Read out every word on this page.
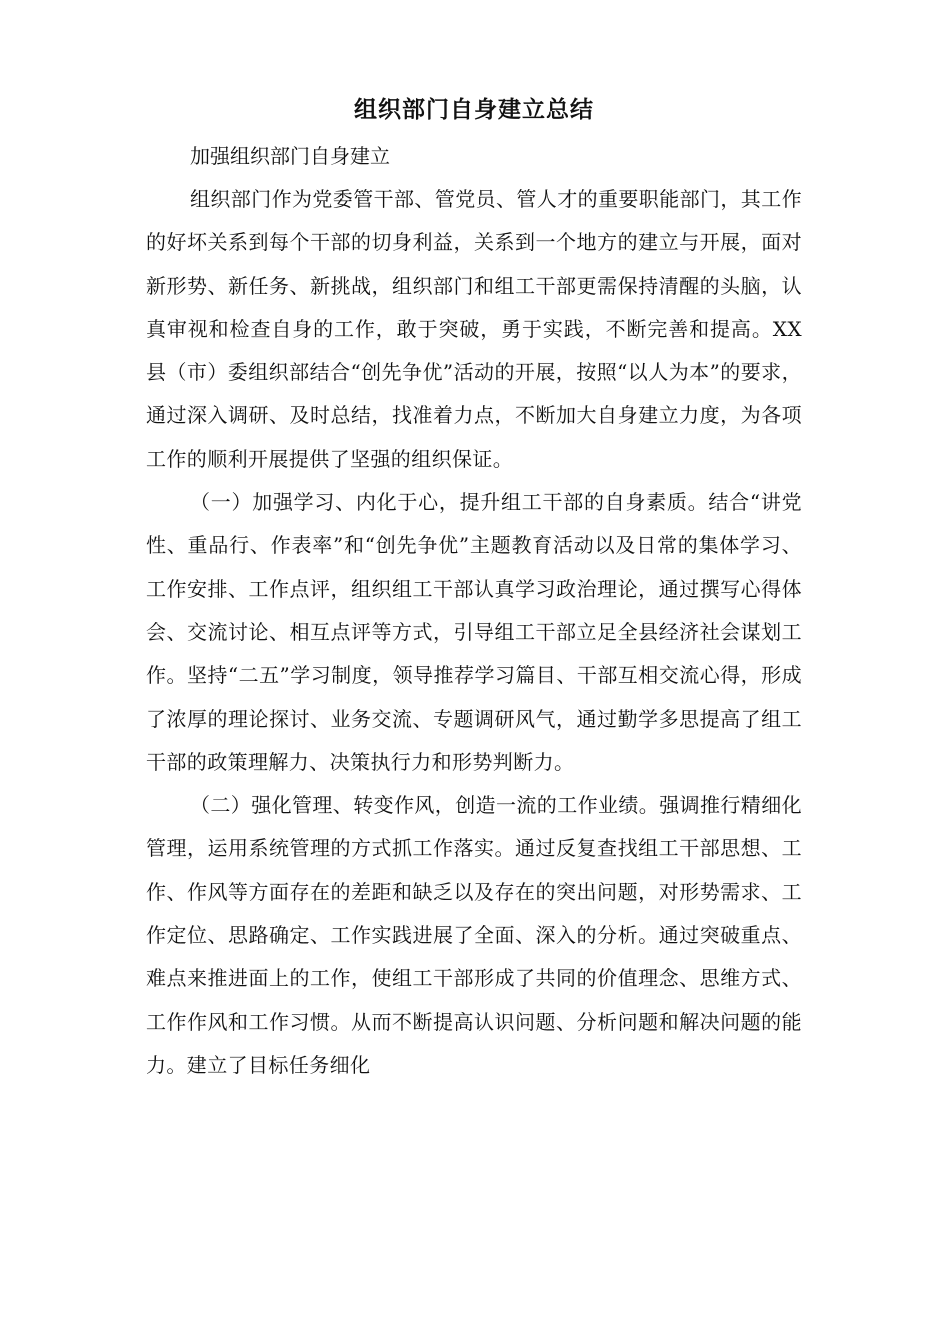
组织部门自身建立总结

加强组织部门自身建立

组织部门作为党委管干部、管党员、管人才的重要职能部门，其工作的好坏关系到每个干部的切身利益，关系到一个地方的建立与开展，面对新形势、新任务、新挑战，组织部门和组工干部更需保持清醒的头脑，认真审视和检查自身的工作，敢于突破，勇于实践，不断完善和提高。XX县（市）委组织部结合“创先争优”活动的开展，按照“以人为本”的要求，通过深入调研、及时总结，找准着力点，不断加大自身建立力度，为各项工作的顺利开展提供了坚强的组织保证。

（一）加强学习、内化于心，提升组工干部的自身素质。结合“讲党性、重品行、作表率”和“创先争优”主题教育活动以及日常的集体学习、工作安排、工作点评，组织组工干部认真学习政治理论，通过撰写心得体会、交流讨论、相互点评等方式，引导组工干部立足全县经济社会谋划工作。坚持“二五”学习制度，领导推荐学习篇目、干部互相交流心得，形成了浓厚的理论探讨、业务交流、专题调研风气，通过勤学多思提高了组工干部的政策理解力、决策执行力和形势判断力。

（二）强化管理、转变作风，创造一流的工作业绩。强调推行精细化管理，运用系统管理的方式抓工作落实。通过反复查找组工干部思想、工作、作风等方面存在的差距和缺乏以及存在的突出问题，对形势需求、工作定位、思路确定、工作实践进展了全面、深入的分析。通过突破重点、难点来推进面上的工作，使组工干部形成了共同的价值理念、思维方式、工作作风和工作习惯。从而不断提高认识问题、分析问题和解决问题的能力。建立了目标任务细化
